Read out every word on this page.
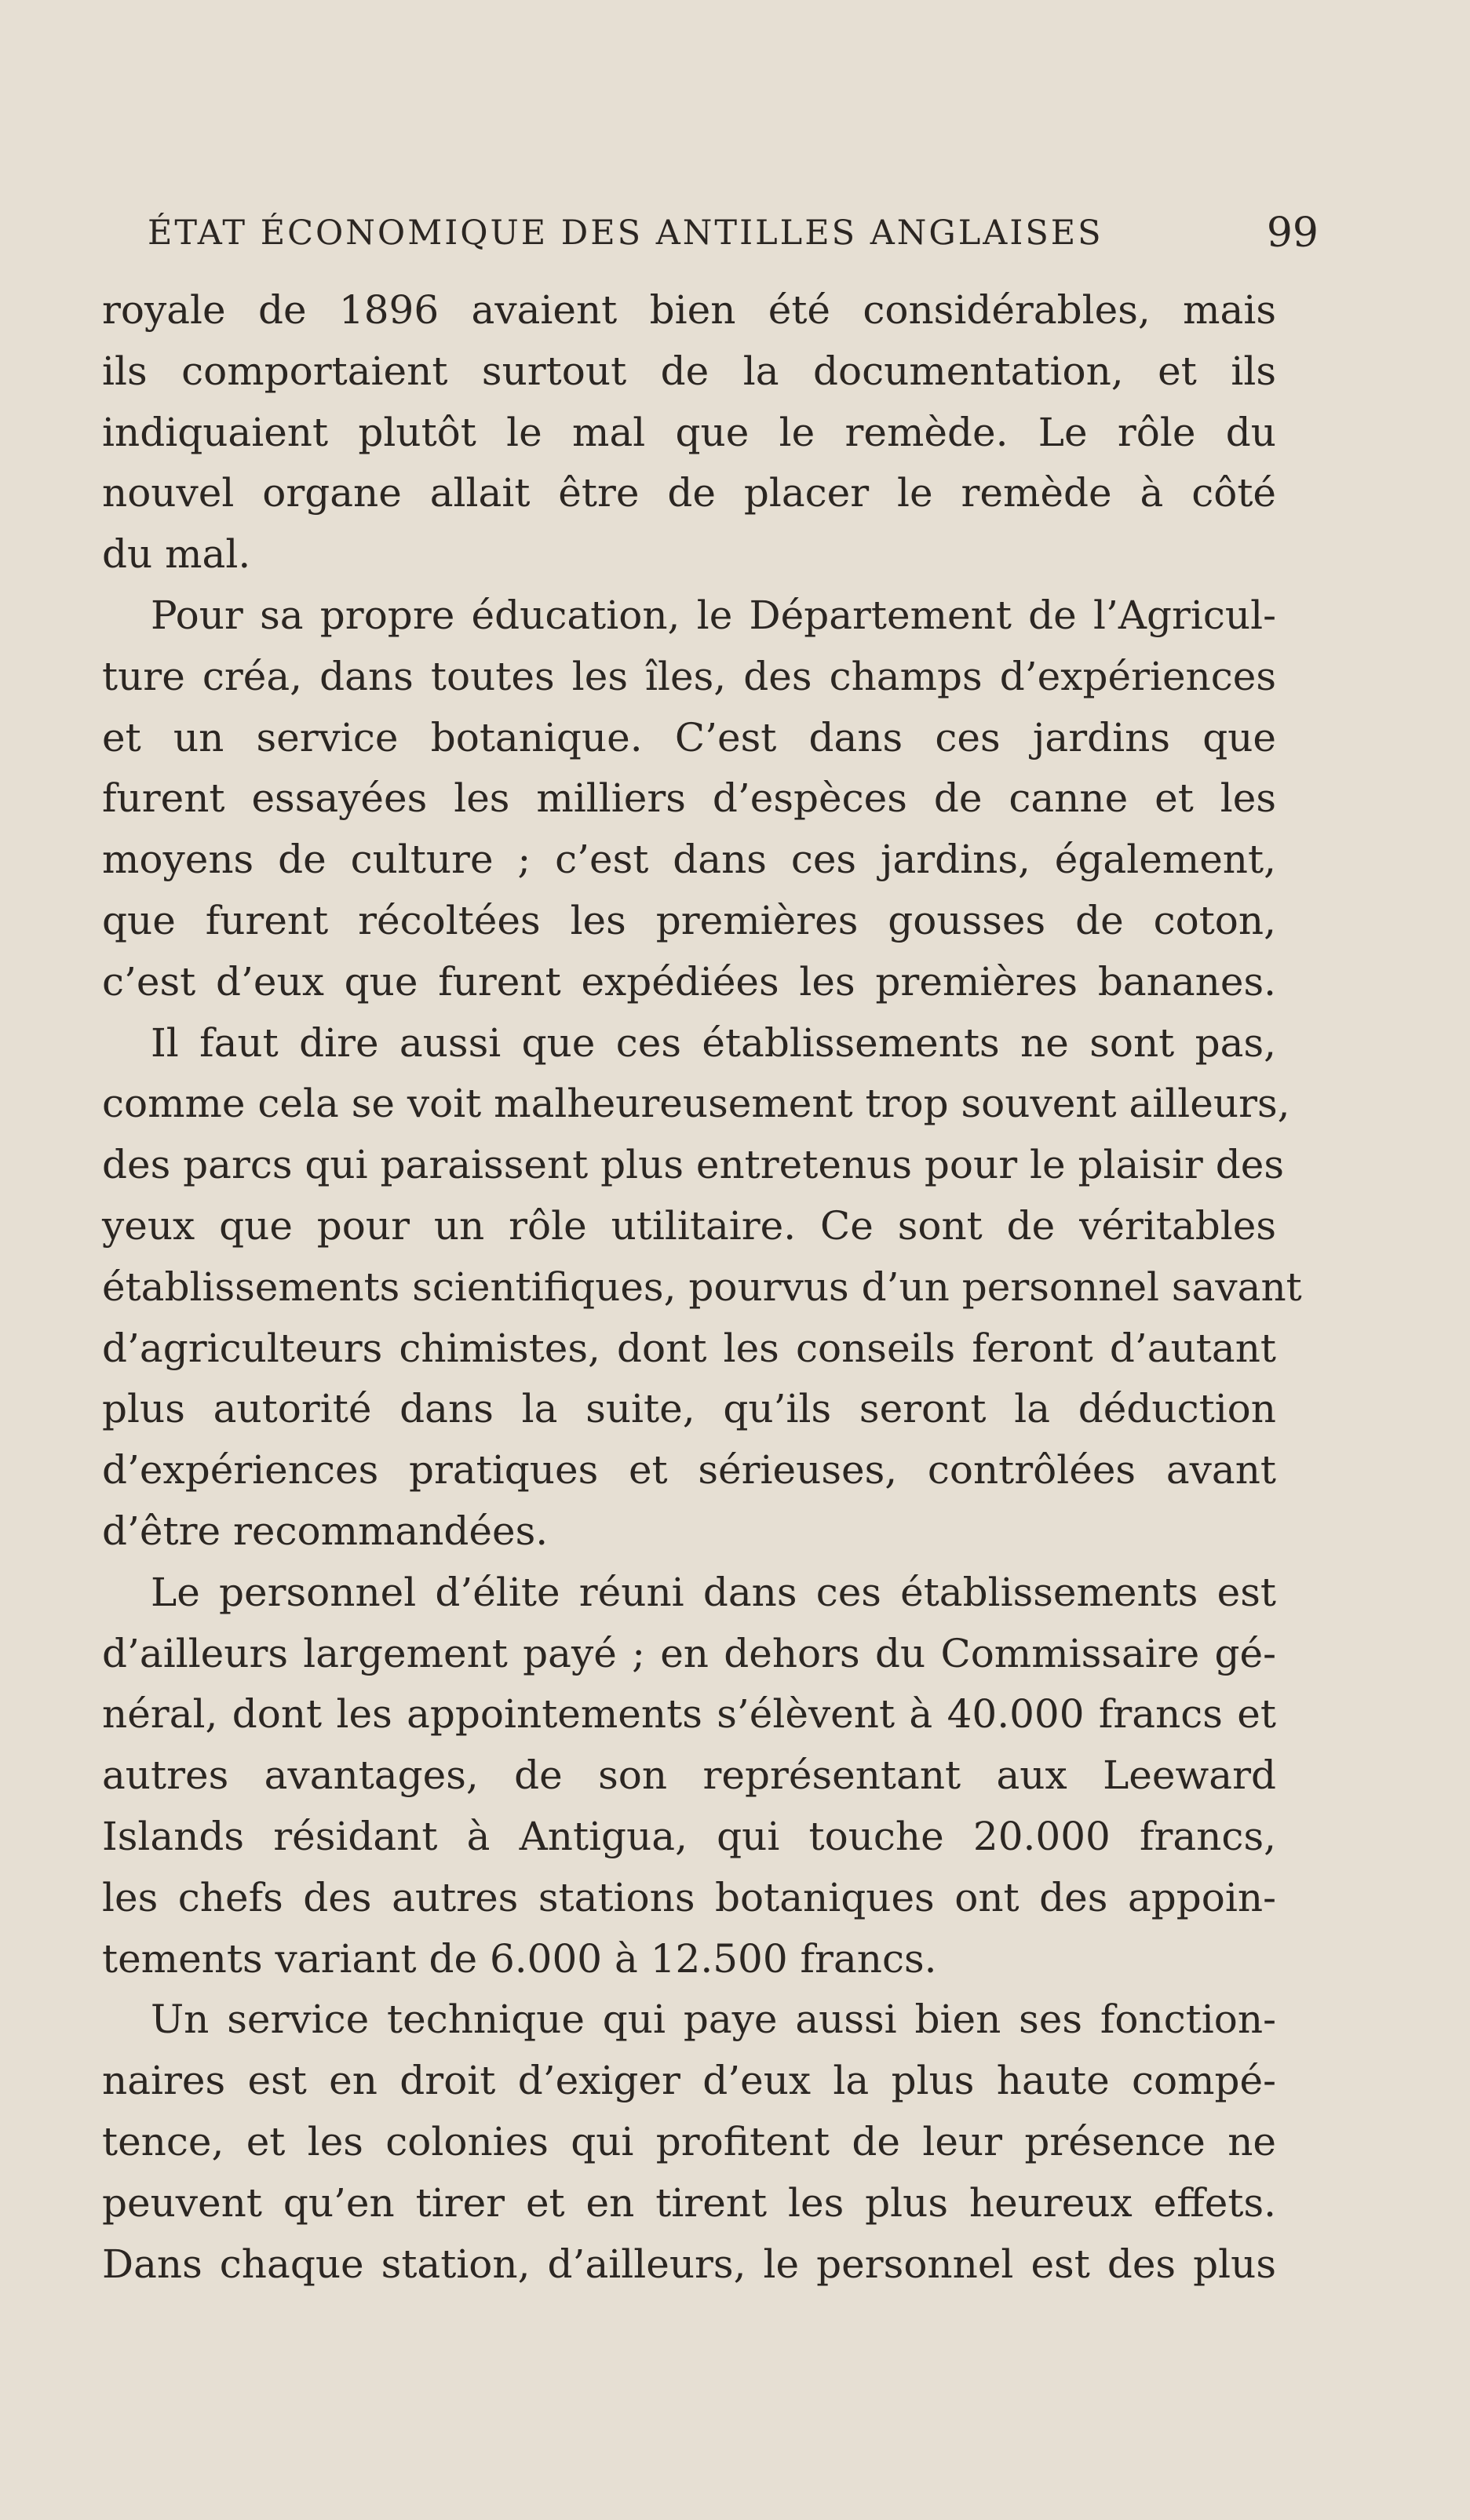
ÉTAT ÉCONOMIQUE DES ANTILLES ANGLAISES	99
royale de 1896 avaient bien été considérables, mais
ils comportaient surtout de la documentation, et ils
indiquaient plutôt le mal que le remède. Le rôle du
nouvel organe allait être de placer le remède à côté
du mal.
Pour sa propre éducation, le Département de l’Agricul-
ture créa, dans toutes les îles, des champs d’expériences
et un service botanique. C’est dans ces jardins que
furent essayées les milliers d’espèces de canne et les
moyens de culture ; c’est dans ces jardins, également,
que furent récoltées les premières gousses de coton,
c’est d’eux que furent expédiées les premières bananes.
Il faut dire aussi que ces établissements ne sont pas,
comme cela se voit malheureusement trop souvent ailleurs,
des parcs qui paraissent plus entretenus pour le plaisir des
yeux que pour un rôle utilitaire. Ce sont de véritables
établissements scientifiques, pourvus d’un personnel savant
d’agriculteurs chimistes, dont les conseils feront d’autant
plus autorité dans la suite, qu’ils seront la déduction
d’expériences pratiques et sérieuses, contrôlées avant
d’être recommandées.
Le personnel d’élite réuni dans ces établissements est
d’ailleurs largement payé ; en dehors du Commissaire gé-
néral, dont les appointements s’élèvent à 40.000 francs et
autres avantages, de son représentant aux Leeward
Islands résidant à Antigua, qui touche 20.000 francs,
les chefs des autres stations botaniques ont des appoin-
tements variant de 6.000 à 12.500 francs.
Un service technique qui paye aussi bien ses fonction-
naires est en droit d’exiger d’eux la plus haute compé-
tence, et les colonies qui profitent de leur présence ne
peuvent qu’en tirer et en tirent les plus heureux effets.
Dans chaque station, d’ailleurs, le personnel est des plus
